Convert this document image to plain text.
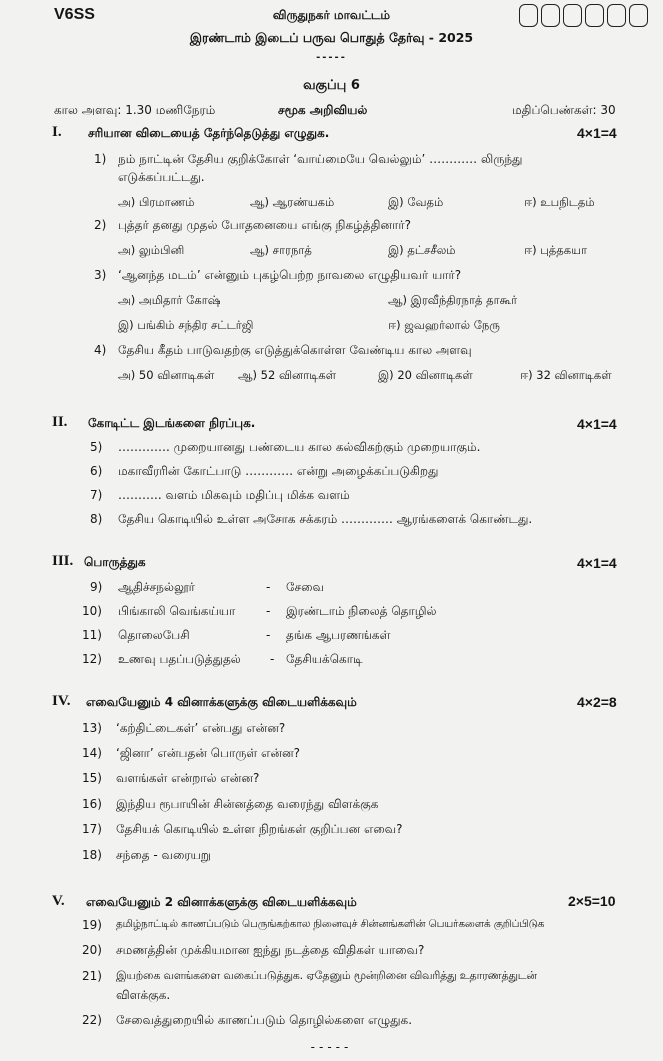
V6SS	விருதுநகர் மாவட்டம்
இரண்டாம் இடைப் பருவ பொதுத் தேர்வு - 2025
-----
வகுப்பு 6
கால அளவு: 1.30 மணிநேரம்	சமூக அறிவியல்	மதிப்பெண்கள்: 30
I. சரியான விடையைத் தேர்ந்தெடுத்து எழுதுக.	4×1=4
1) நம் நாட்டின் தேசிய குறிக்கோள் ‘வாய்மையே வெல்லும்’ ………… லிருந்து
எடுக்கப்பட்டது.
அ) பிரமாணம்	ஆ) ஆரண்யகம்	இ) வேதம்	ஈ) உபநிடதம்
2) புத்தர் தனது முதல் போதனையை எங்கு நிகழ்த்தினார்?
அ) லும்பினி	ஆ) சாரநாத்	இ) தட்சசீலம்	ஈ) புத்தகயா
3) ‘ஆனந்த மடம்’ என்னும் புகழ்பெற்ற நாவலை எழுதியவர் யார்?
அ) அமிதார் கோஷ்	ஆ) இரவீந்திரநாத் தாகூர்
இ) பங்கிம் சந்திர சட்டர்ஜி	ஈ) ஜவஹர்லால் நேரு
4) தேசிய கீதம் பாடுவதற்கு எடுத்துக்கொள்ள வேண்டிய கால அளவு
அ) 50 வினாடிகள் ஆ) 52 வினாடிகள்	இ) 20 வினாடிகள்	ஈ) 32 வினாடிகள்
II. கோடிட்ட இடங்களை நிரப்புக.	4×1=4
5) …………. முறையானது பண்டைய கால கல்விகற்கும் முறையாகும்.
6) மகாவீரரின் கோட்பாடு ………… என்று அழைக்கப்படுகிறது
7) ……….. வளம் மிகவும் மதிப்பு மிக்க வளம்
8) தேசிய கொடியில் உள்ள அசோக சக்கரம் …………. ஆரங்களைக் கொண்டது.
III. பொருத்துக	4×1=4
9) ஆதிச்சநல்லூர்	- சேவை
10) பிங்காலி வெங்கய்யா	- இரண்டாம் நிலைத் தொழில்
11) தொலைபேசி	- தங்க ஆபரணங்கள்
12) உணவு பதப்படுத்துதல் - தேசியக்கொடி
IV. எவையேனும் 4 வினாக்களுக்கு விடையளிக்கவும்	4×2=8
13) ‘கற்திட்டைகள்’ என்பது என்ன?
14) ‘ஜினா’ என்பதன் பொருள் என்ன?
15) வளங்கள் என்றால் என்ன?
16) இந்திய ரூபாயின் சின்னத்தை வரைந்து விளக்குக
17) தேசியக் கொடியில் உள்ள நிறங்கள் குறிப்பன எவை?
18) சந்தை - வரையறு
V. எவையேனும் 2 வினாக்களுக்கு விடையளிக்கவும்	2×5=10
19) தமிழ்நாட்டில் காணப்படும் பெருங்கற்கால நினைவுச் சின்னங்களின் பெயர்களைக் குறிப்பிடுக
20) சமணத்தின் முக்கியமான ஐந்து நடத்தை விதிகள் யாவை?
21) இயற்கை வளங்களை வகைப்படுத்துக. ஏதேனும் மூன்றினை விவரித்து உதாரணத்துடன்
விளக்குக.
22) சேவைத்துறையில் காணப்படும் தொழில்களை எழுதுக.
-----
